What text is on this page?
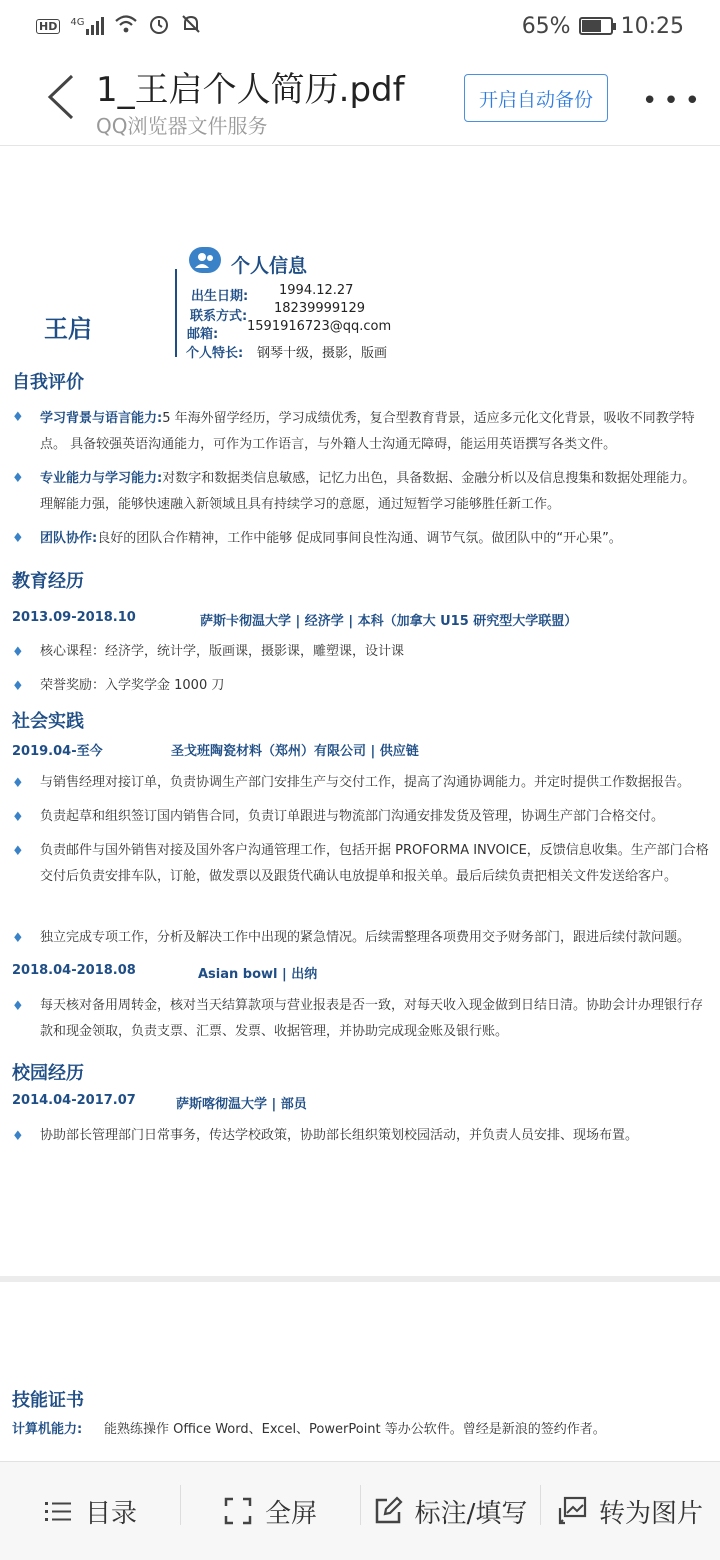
HD	4G	65% 10:25
1_王启个人简历.pdf
QQ浏览器文件服务
开启自动备份	•••
王启
个人信息
出生日期: 1994.12.27
联系方式:
18239999129
邮箱:
1591916723@qq.com
个人特长: 钢琴十级，摄影，版画
自我评价
♦ 学习背景与语言能力:5 年海外留学经历，学习成绩优秀，复合型教育背景，适应多元化文化背景，吸收不同教学特点。 具备较强英语沟通能力，可作为工作语言，与外籍人士沟通无障碍，能运用英语撰写各类文件。
♦ 专业能力与学习能力:对数字和数据类信息敏感，记忆力出色，具备数据、金融分析以及信息搜集和数据处理能力。 理解能力强，能够快速融入新领域且具有持续学习的意愿，通过短暂学习能够胜任新工作。
♦ 团队协作:良好的团队合作精神，工作中能够 促成同事间良性沟通、调节气氛。做团队中的“开心果”。
教育经历
2013.09-2018.10	萨斯卡彻温大学 | 经济学 | 本科（加拿大 U15 研究型大学联盟）
♦ 核心课程：经济学，统计学，版画课，摄影课，雕塑课，设计课
♦ 荣誉奖励：入学奖学金 1000 刀
社会实践
2019.04-至今	圣戈班陶瓷材料（郑州）有限公司 | 供应链
♦ 与销售经理对接订单，负责协调生产部门安排生产与交付工作，提高了沟通协调能力。并定时提供工作数据报告。
♦ 负责起草和组织签订国内销售合同，负责订单跟进与物流部门沟通安排发货及管理，协调生产部门合格交付。
♦ 负责邮件与国外销售对接及国外客户沟通管理工作，包括开据 PROFORMA INVOICE，反馈信息收集。生产部门合格交付后负责安排车队，订舱，做发票以及跟货代确认电放提单和报关单。最后后续负责把相关文件发送给客户。
♦ 独立完成专项工作，分析及解决工作中出现的紧急情况。后续需整理各项费用交予财务部门，跟进后续付款问题。
2018.04-2018.08	Asian bowl | 出纳
♦ 每天核对备用周转金，核对当天结算款项与营业报表是否一致，对每天收入现金做到日结日清。协助会计办理银行存款和现金领取，负责支票、汇票、发票、收据管理，并协助完成现金账及银行账。
校园经历
2014.04-2017.07	萨斯喀彻温大学 | 部员
♦ 协助部长管理部门日常事务，传达学校政策，协助部长组织策划校园活动，并负责人员安排、现场布置。
技能证书
计算机能力: 能熟练操作 Office Word、Excel、PowerPoint 等办公软件。曾经是新浪的签约作者。
目录	全屏	标注/填写	转为图片
